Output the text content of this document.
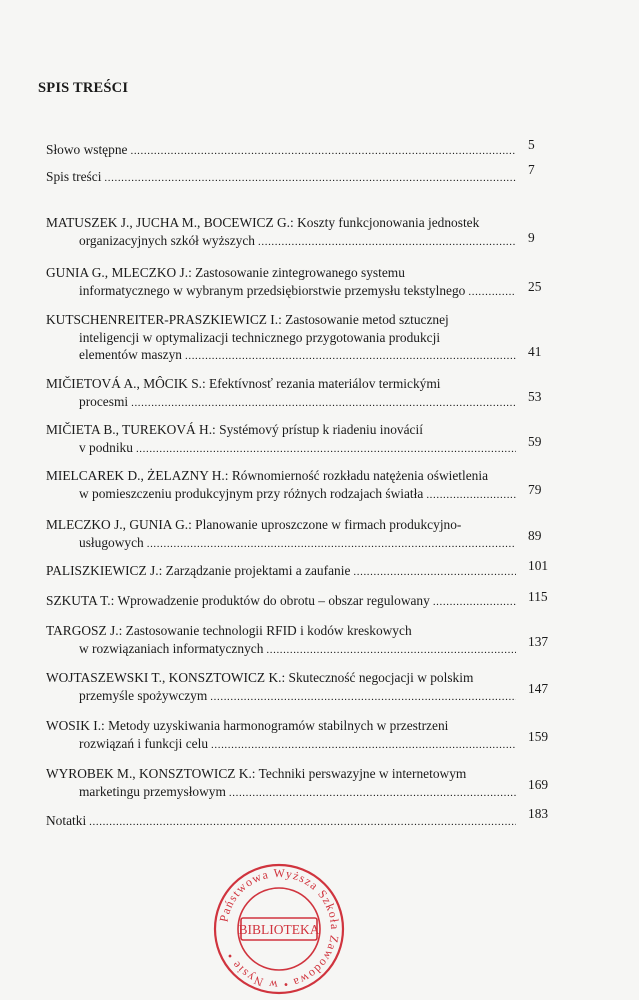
SPIS TREŚCI
Słowo wstępne .....	5
Spis treści .....	7
MATUSZEK J., JUCHA M., BOCEWICZ G.: Koszty funkcjonowania jednostek
organizacyjnych szkół wyższych .....	9
GUNIA G., MLECZKO J.: Zastosowanie zintegrowanego systemu
informatycznego w wybranym przedsiębiorstwie przemysłu tekstylnego .....	25
KUTSCHENREITER-PRASZKIEWICZ I.: Zastosowanie metod sztucznej
inteligencji w optymalizacji technicznego przygotowania produkcji
elementów maszyn .....	41
MIČIETOVÁ A., MÔCIK S.: Efektívnosť rezania materiálov termickými
procesmi .....	53
MIČIETA B., TUREKOVÁ H.: Systémový prístup k riadeniu inovácií
v podniku .....	59
MIELCAREK D., ŻELAZNY H.: Równomierność rozkładu natężenia oświetlenia
w pomieszczeniu produkcyjnym przy różnych rodzajach światła .....	79
MLECZKO J., GUNIA G.: Planowanie uproszczone w firmach produkcyjno-
usługowych .....	89
PALISZKIEWICZ J.: Zarządzanie projektami a zaufanie .....	101
SZKUTA T.: Wprowadzenie produktów do obrotu – obszar regulowany .....	115
TARGOSZ J.: Zastosowanie technologii RFID i kodów kreskowych
w rozwiązaniach informatycznych .....	137
WOJTASZEWSKI T., KONSZTOWICZ K.: Skuteczność negocjacji w polskim
przemyśle spożywczym .....	147
WOSIK I.: Metody uzyskiwania harmonogramów stabilnych w przestrzeni
rozwiązań i funkcji celu .....	159
WYROBEK M., KONSZTOWICZ K.: Techniki perswazyjne w internetowym
marketingu przemysłowym .....	169
Notatki .....	183
Państwowa Wyższa Szkoła Zawodowa • w Nysie •
BIBLIOTEKA
